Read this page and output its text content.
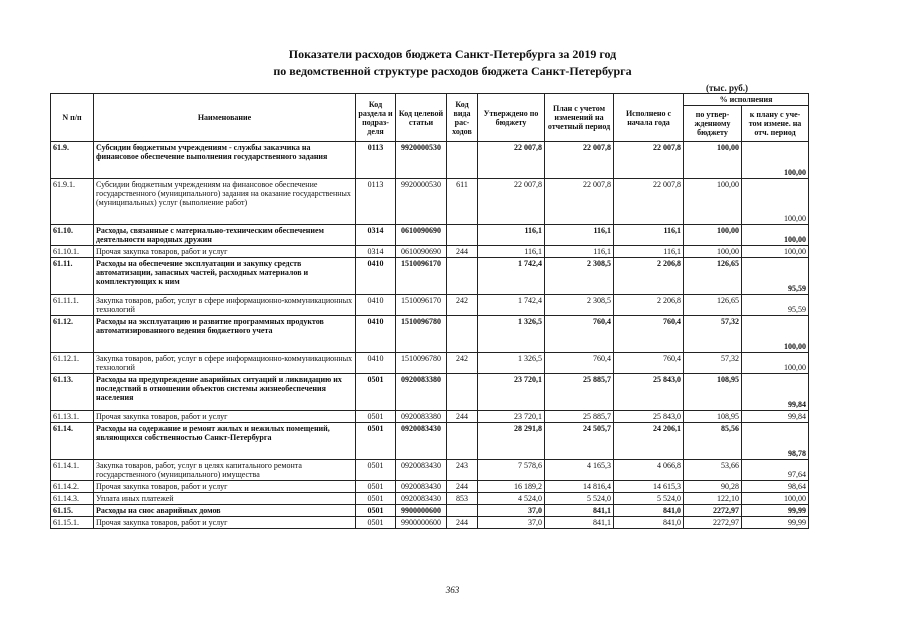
Показатели расходов бюджета Санкт-Петербурга за 2019 год
по ведомственной структуре расходов бюджета Санкт-Петербурга
(тыс. руб.)
N п/п	Наименование	Код раздела и подраз-деля	Код целевой статьи	Код вида рас-ходов	Утверждено по бюджету	План с учетом изменений на отчетный период	Исполнено с начала года	% исполнения	
								по утвер-жденному бюджету	к плану с уче-том измене. на отч. период
61.9.	Субсидии бюджетным учреждениям - службы заказчика на финансовое обеспечение выполнения государственного задания	0113	9920000530		22 007,8	22 007,8	22 007,8	100,00	100,00
61.9.1.	Субсидии бюджетным учреждениям на финансовое обеспечение государственного (муниципального) задания на оказание государственных (муниципальных) услуг (выполнение работ)	0113	9920000530	611	22 007,8	22 007,8	22 007,8	100,00	100,00
61.10.	Расходы, связанные с материально-техническим обеспечением деятельности народных дружин	0314	0610090690		116,1	116,1	116,1	100,00	100,00
61.10.1.	Прочая закупка товаров, работ и услуг	0314	0610090690	244	116,1	116,1	116,1	100,00	100,00
61.11.	Расходы на обеспечение эксплуатации и закупку средств автоматизации, запасных частей, расходных материалов и комплектующих к ним	0410	1510096170		1 742,4	2 308,5	2 206,8	126,65	95,59
61.11.1.	Закупка товаров, работ, услуг в сфере информационно-коммуникационных технологий	0410	1510096170	242	1 742,4	2 308,5	2 206,8	126,65	95,59
61.12.	Расходы на эксплуатацию и развитие программных продуктов автоматизированного ведения бюджетного учета	0410	1510096780		1 326,5	760,4	760,4	57,32	100,00
61.12.1.	Закупка товаров, работ, услуг в сфере информационно-коммуникационных технологий	0410	1510096780	242	1 326,5	760,4	760,4	57,32	100,00
61.13.	Расходы на предупреждение аварийных ситуаций и ликвидацию их последствий в отношении объектов системы жизнеобеспечения населения	0501	0920083380		23 720,1	25 885,7	25 843,0	108,95	99,84
61.13.1.	Прочая закупка товаров, работ и услуг	0501	0920083380	244	23 720,1	25 885,7	25 843,0	108,95	99,84
61.14.	Расходы на содержание и ремонт жилых и нежилых помещений, являющихся собственностью Санкт-Петербурга	0501	0920083430		28 291,8	24 505,7	24 206,1	85,56	98,78
61.14.1.	Закупка товаров, работ, услуг в целях капитального ремонта государственного (муниципального) имущества	0501	0920083430	243	7 578,6	4 165,3	4 066,8	53,66	97,64
61.14.2.	Прочая закупка товаров, работ и услуг	0501	0920083430	244	16 189,2	14 816,4	14 615,3	90,28	98,64
61.14.3.	Уплата иных платежей	0501	0920083430	853	4 524,0	5 524,0	5 524,0	122,10	100,00
61.15.	Расходы на снос аварийных домов	0501	9900000600		37,0	841,1	841,0	2272,97	99,99
61.15.1.	Прочая закупка товаров, работ и услуг	0501	9900000600	244	37,0	841,1	841,0	2272,97	99,99
363
